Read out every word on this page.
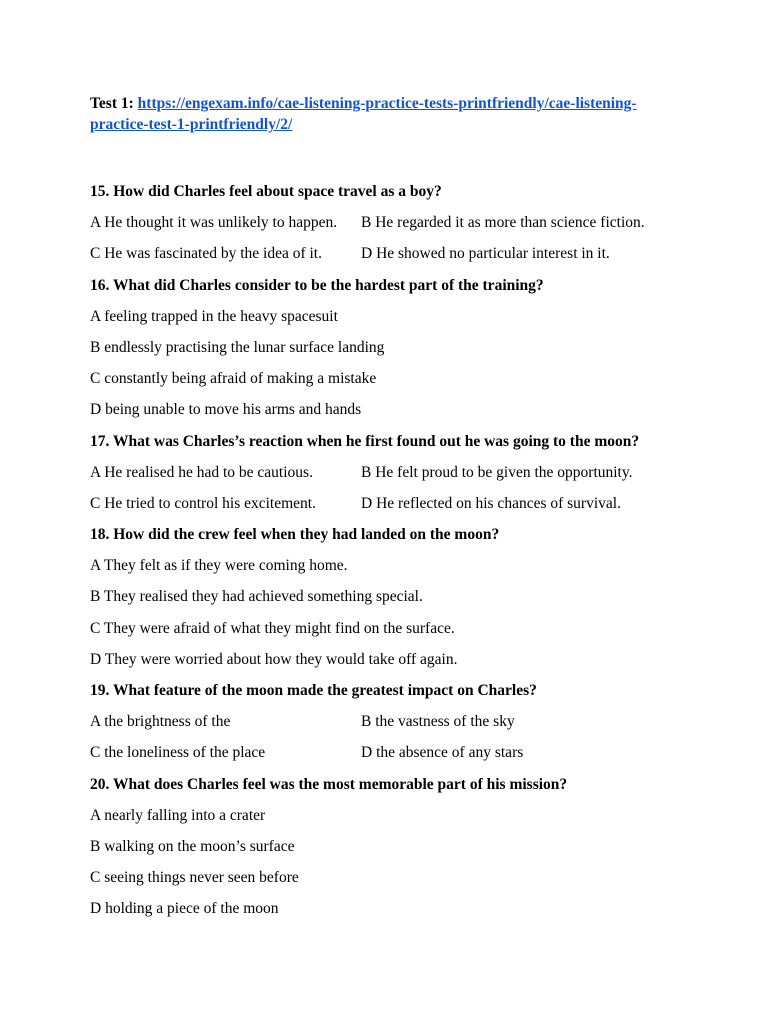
Test 1: https://engexam.info/cae-listening-practice-tests-printfriendly/cae-listening-practice-test-1-printfriendly/2/
15. How did Charles feel about space travel as a boy?
A He thought it was unlikely to happen.	B He regarded it as more than science fiction.
C He was fascinated by the idea of it.	D He showed no particular interest in it.
16. What did Charles consider to be the hardest part of the training?
A feeling trapped in the heavy spacesuit
B endlessly practising the lunar surface landing
C constantly being afraid of making a mistake
D being unable to move his arms and hands
17. What was Charles’s reaction when he first found out he was going to the moon?
A He realised he had to be cautious.	B He felt proud to be given the opportunity.
C He tried to control his excitement.	D He reflected on his chances of survival.
18. How did the crew feel when they had landed on the moon?
A They felt as if they were coming home.
B They realised they had achieved something special.
C They were afraid of what they might find on the surface.
D They were worried about how they would take off again.
19. What feature of the moon made the greatest impact on Charles?
A the brightness of the	B the vastness of the sky
C the loneliness of the place	D the absence of any stars
20. What does Charles feel was the most memorable part of his mission?
A nearly falling into a crater
B walking on the moon’s surface
C seeing things never seen before
D holding a piece of the moon
